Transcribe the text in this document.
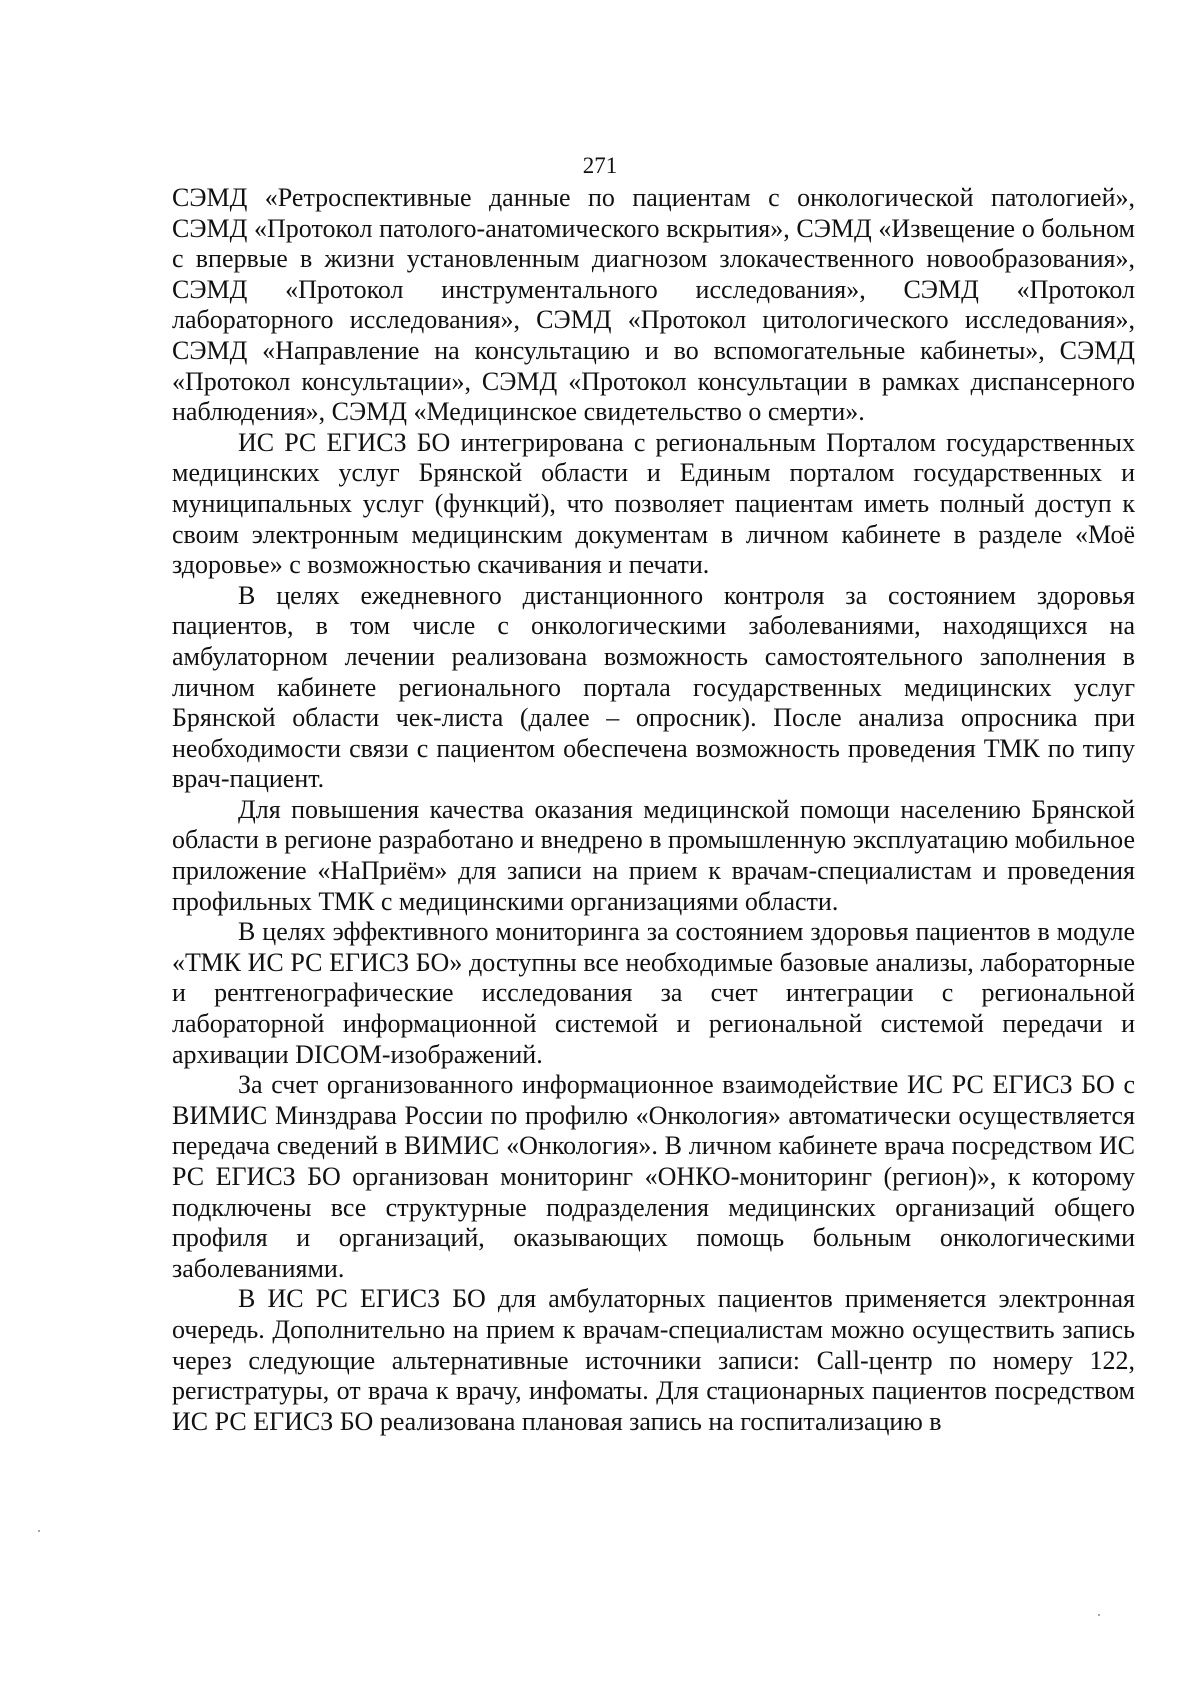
271

СЭМД «Ретроспективные данные по пациентам с онкологической патологией», СЭМД «Протокол патолого-анатомического вскрытия», СЭМД «Извещение о больном с впервые в жизни установленным диагнозом злокачественного новообразования», СЭМД «Протокол инструментального исследования», СЭМД «Протокол лабораторного исследования», СЭМД «Протокол цитологического исследования», СЭМД «Направление на консультацию и во вспомогательные кабинеты», СЭМД «Протокол консультации», СЭМД «Протокол консультации в рамках диспансерного наблюдения», СЭМД «Медицинское свидетельство о смерти».

ИС РС ЕГИСЗ БО интегрирована с региональным Порталом государственных медицинских услуг Брянской области и Единым порталом государственных и муниципальных услуг (функций), что позволяет пациентам иметь полный доступ к своим электронным медицинским документам в личном кабинете в разделе «Моё здоровье» с возможностью скачивания и печати.

В целях ежедневного дистанционного контроля за состоянием здоровья пациентов, в том числе с онкологическими заболеваниями, находящихся на амбулаторном лечении реализована возможность самостоятельного заполнения в личном кабинете регионального портала государственных медицинских услуг Брянской области чек-листа (далее – опросник). После анализа опросника при необходимости связи с пациентом обеспечена возможность проведения ТМК по типу врач-пациент.

Для повышения качества оказания медицинской помощи населению Брянской области в регионе разработано и внедрено в промышленную эксплуатацию мобильное приложение «НаПриём» для записи на прием к врачам-специалистам и проведения профильных ТМК с медицинскими организациями области.

В целях эффективного мониторинга за состоянием здоровья пациентов в модуле «ТМК ИС РС ЕГИСЗ БО» доступны все необходимые базовые анализы, лабораторные и рентгенографические исследования за счет интеграции с региональной лабораторной информационной системой и региональной системой передачи и архивации DICOM-изображений.

За счет организованного информационное взаимодействие ИС РС ЕГИСЗ БО с ВИМИС Минздрава России по профилю «Онкология» автоматически осуществляется передача сведений в ВИМИС «Онкология». В личном кабинете врача посредством ИС РС ЕГИСЗ БО организован мониторинг «ОНКО-мониторинг (регион)», к которому подключены все структурные подразделения медицинских организаций общего профиля и организаций, оказывающих помощь больным онкологическими заболеваниями.

В ИС РС ЕГИСЗ БО для амбулаторных пациентов применяется электронная очередь. Дополнительно на прием к врачам-специалистам можно осуществить запись через следующие альтернативные источники записи: Call-центр по номеру 122, регистратуры, от врача к врачу, инфоматы. Для стационарных пациентов посредством ИС РС ЕГИСЗ БО реализована плановая запись на госпитализацию в
